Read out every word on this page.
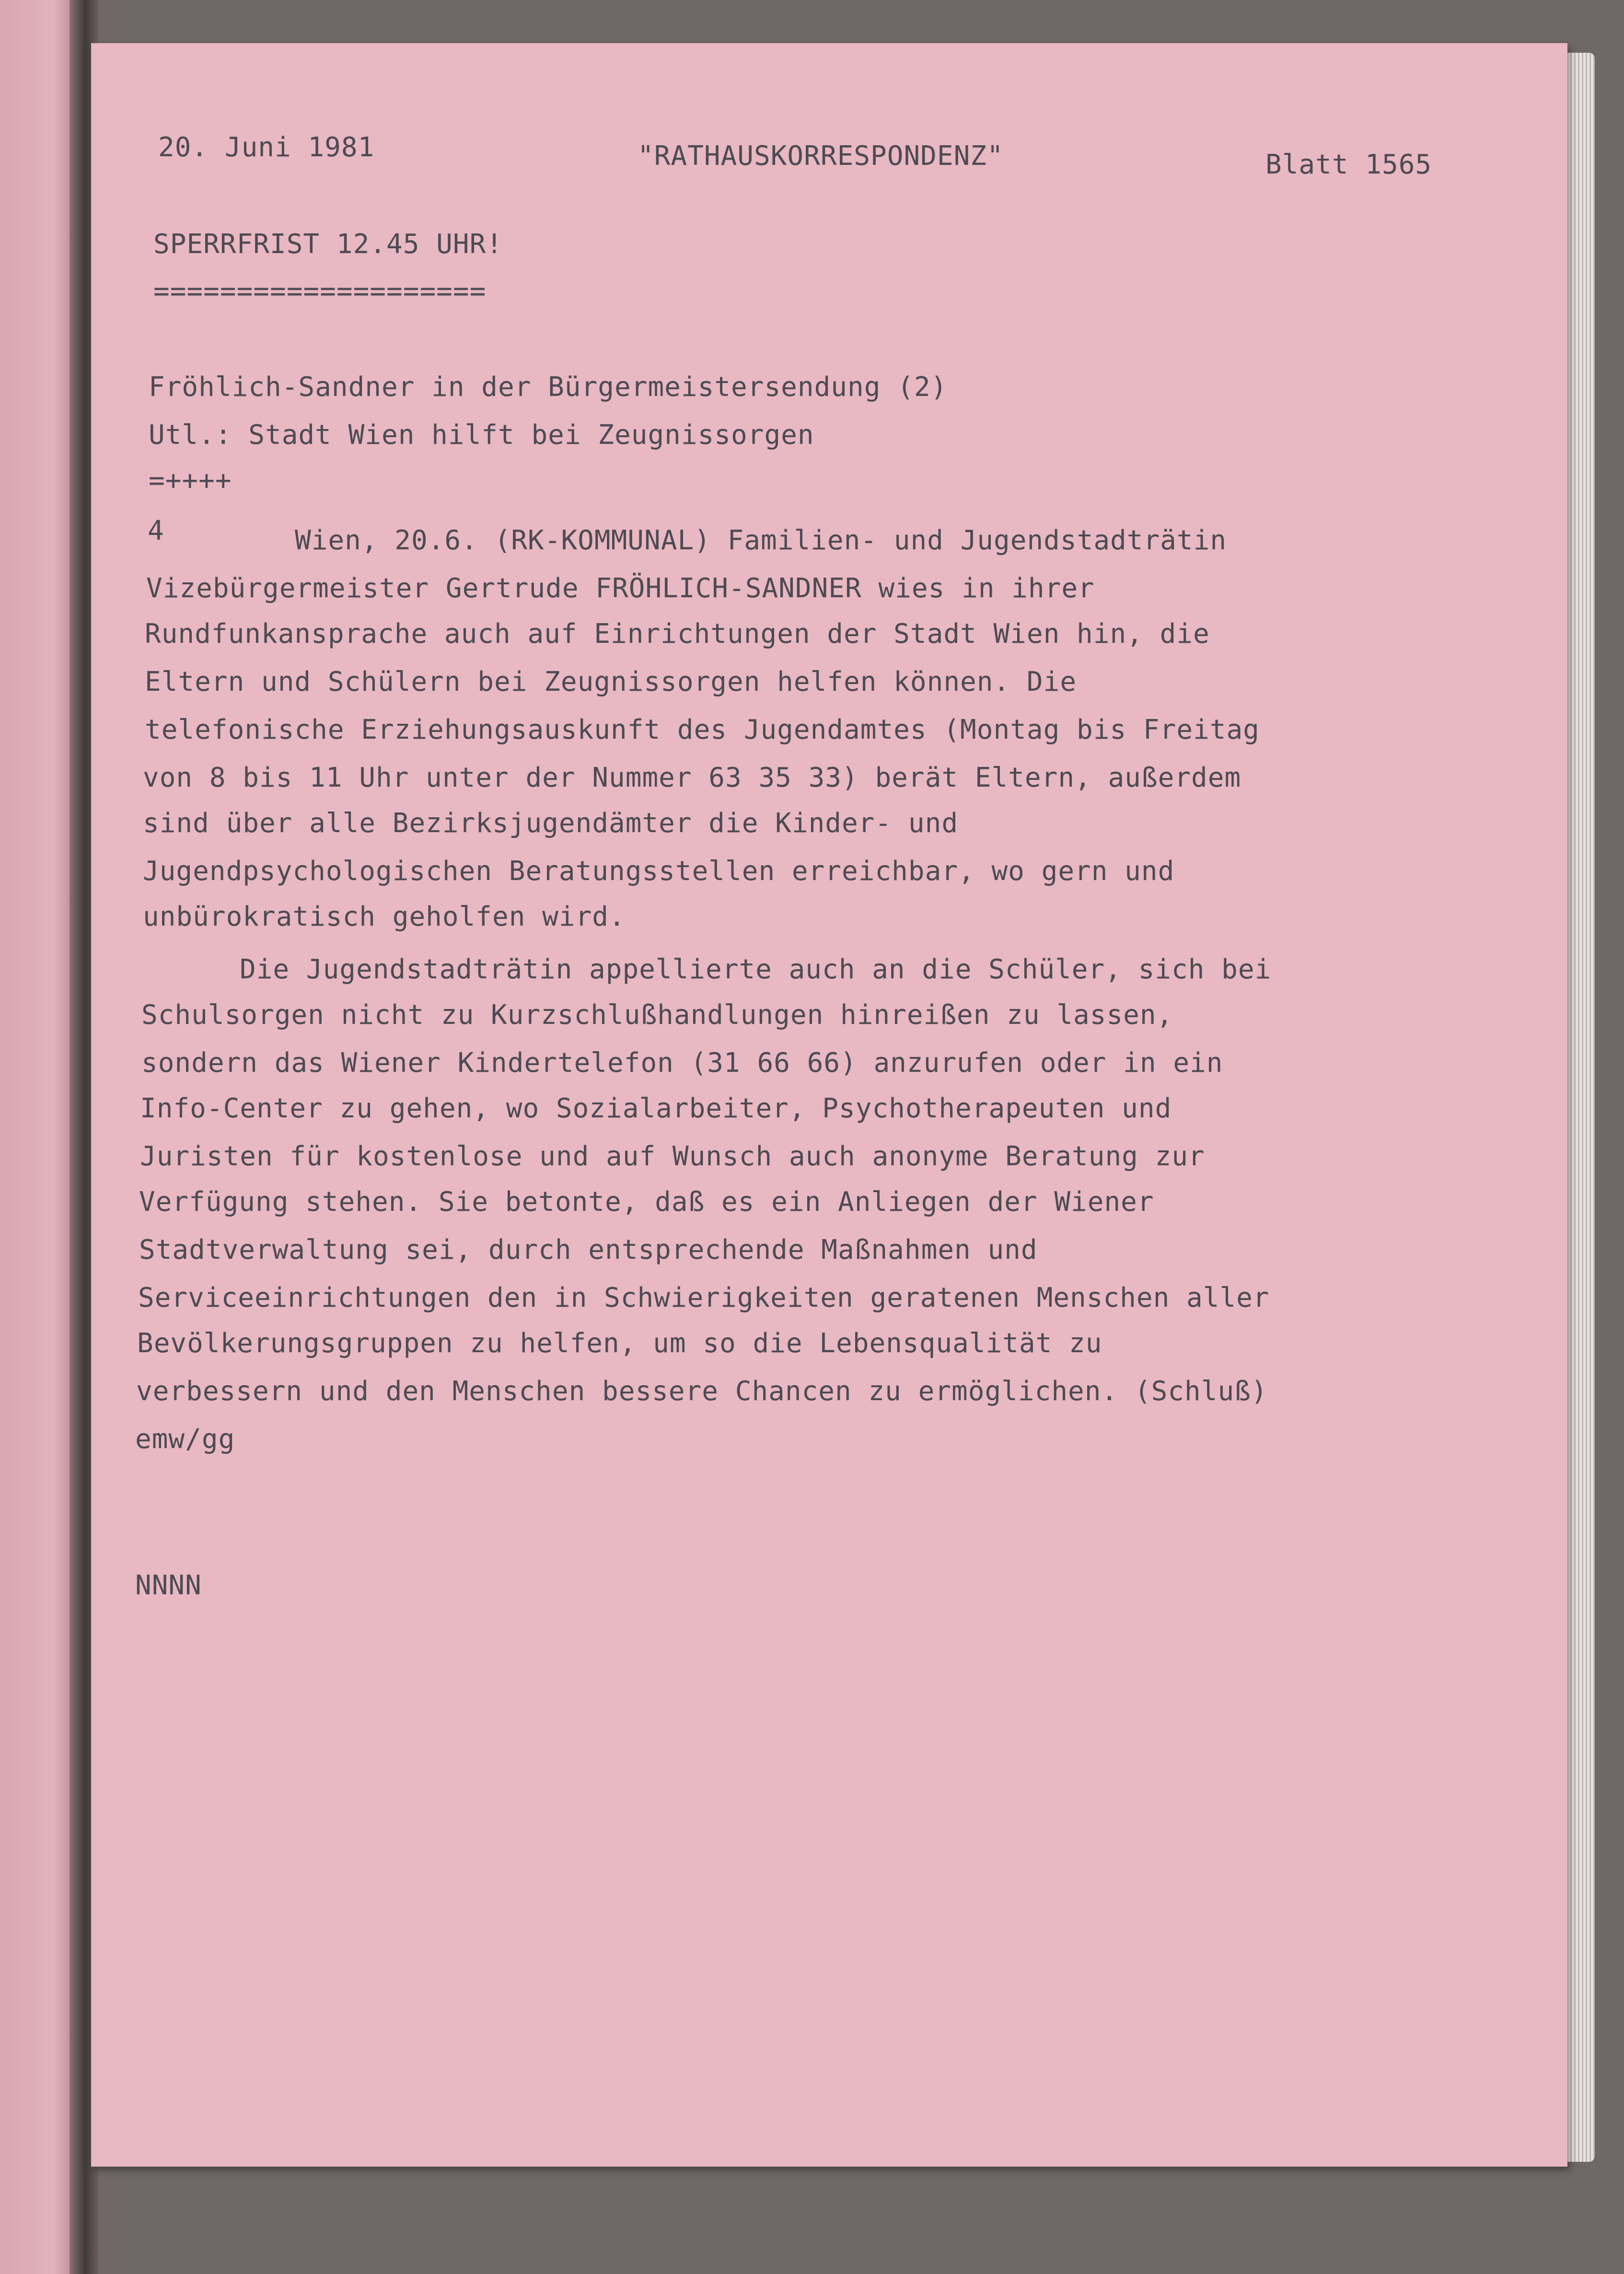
20. Juni 1981	"RATHAUSKORRESPONDENZ"	Blatt 1565
SPERRFRIST 12.45 UHR!
====================
Fröhlich-Sandner in der Bürgermeistersendung (2)
Utl.: Stadt Wien hilft bei Zeugnissorgen
=++++
4	Wien, 20.6. (RK-KOMMUNAL) Familien- und Jugendstadträtin
Vizebürgermeister Gertrude FRÖHLICH-SANDNER wies in ihrer
Rundfunkansprache auch auf Einrichtungen der Stadt Wien hin, die
Eltern und Schülern bei Zeugnissorgen helfen können. Die
telefonische Erziehungsauskunft des Jugendamtes (Montag bis Freitag
von 8 bis 11 Uhr unter der Nummer 63 35 33) berät Eltern, außerdem
sind über alle Bezirksjugendämter die Kinder- und
Jugendpsychologischen Beratungsstellen erreichbar, wo gern und
unbürokratisch geholfen wird.
Die Jugendstadträtin appellierte auch an die Schüler, sich bei
Schulsorgen nicht zu Kurzschlußhandlungen hinreißen zu lassen,
sondern das Wiener Kindertelefon (31 66 66) anzurufen oder in ein
Info-Center zu gehen, wo Sozialarbeiter, Psychotherapeuten und
Juristen für kostenlose und auf Wunsch auch anonyme Beratung zur
Verfügung stehen. Sie betonte, daß es ein Anliegen der Wiener
Stadtverwaltung sei, durch entsprechende Maßnahmen und
Serviceeinrichtungen den in Schwierigkeiten geratenen Menschen aller
Bevölkerungsgruppen zu helfen, um so die Lebensqualität zu
verbessern und den Menschen bessere Chancen zu ermöglichen. (Schluß)
emw/gg
NNNN
